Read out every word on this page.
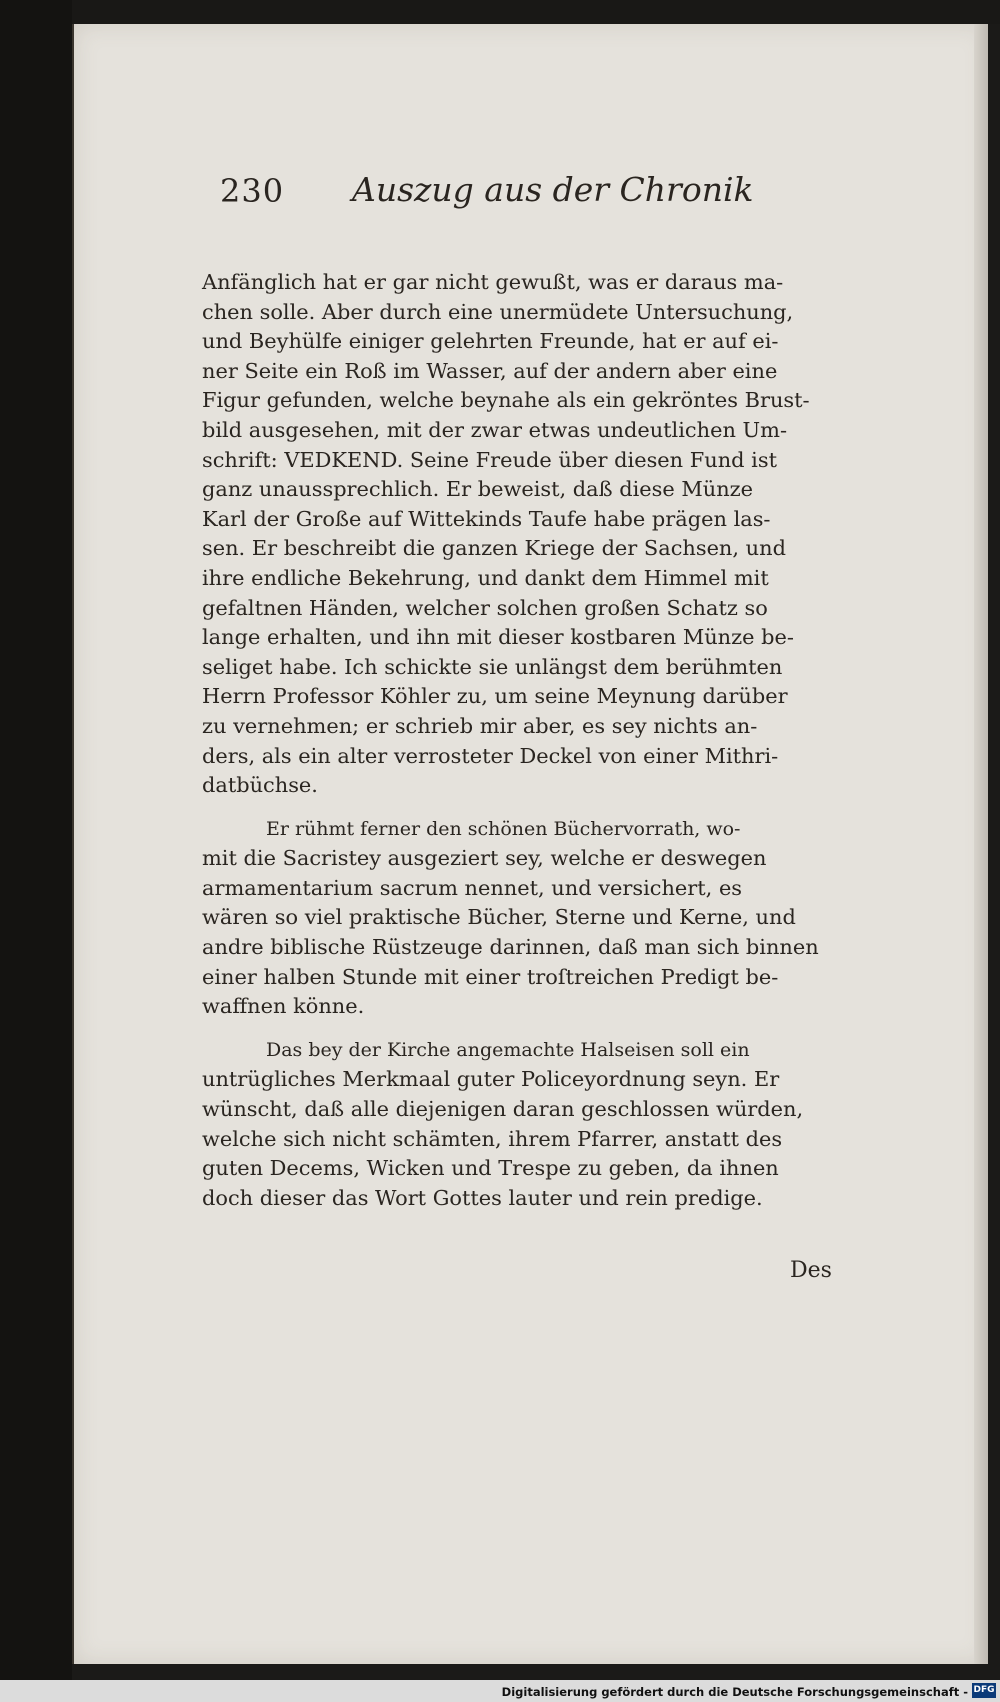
230 Auszug aus der Chronik
Anfänglich hat er gar nicht gewußt, was er daraus ma-
chen solle. Aber durch eine unermüdete Untersuchung,
und Beyhülfe einiger gelehrten Freunde, hat er auf ei-
ner Seite ein Roß im Wasser, auf der andern aber eine
Figur gefunden, welche beynahe als ein gekröntes Brust-
bild ausgesehen, mit der zwar etwas undeutlichen Um-
schrift: VEDKEND. Seine Freude über diesen Fund ist
ganz unaussprechlich. Er beweist, daß diese Münze
Karl der Große auf Wittekinds Taufe habe prägen las-
sen. Er beschreibt die ganzen Kriege der Sachsen, und
ihre endliche Bekehrung, und dankt dem Himmel mit
gefaltnen Händen, welcher solchen großen Schatz so
lange erhalten, und ihn mit dieser kostbaren Münze be-
seliget habe. Ich schickte sie unlängst dem berühmten
Herrn Professor Köhler zu, um seine Meynung darüber
zu vernehmen; er schrieb mir aber, es sey nichts an-
ders, als ein alter verrosteter Deckel von einer Mithri-
datbüchse.
Er rühmt ferner den schönen Büchervorrath, wo-
mit die Sacristey ausgeziert sey, welche er deswegen
armamentarium sacrum nennet, und versichert, es
wären so viel praktische Bücher, Sterne und Kerne, und
andre biblische Rüstzeuge darinnen, daß man sich binnen
einer halben Stunde mit einer troſtreichen Predigt be-
waffnen könne.
Das bey der Kirche angemachte Halseisen soll ein
untrügliches Merkmaal guter Policeyordnung seyn. Er
wünscht, daß alle diejenigen daran geschlossen würden,
welche sich nicht schämten, ihrem Pfarrer, anstatt des
guten Decems, Wicken und Trespe zu geben, da ihnen
doch dieser das Wort Gottes lauter und rein predige.
Des
Digitalisierung gefördert durch die Deutsche Forschungsgemeinschaft - DFG
